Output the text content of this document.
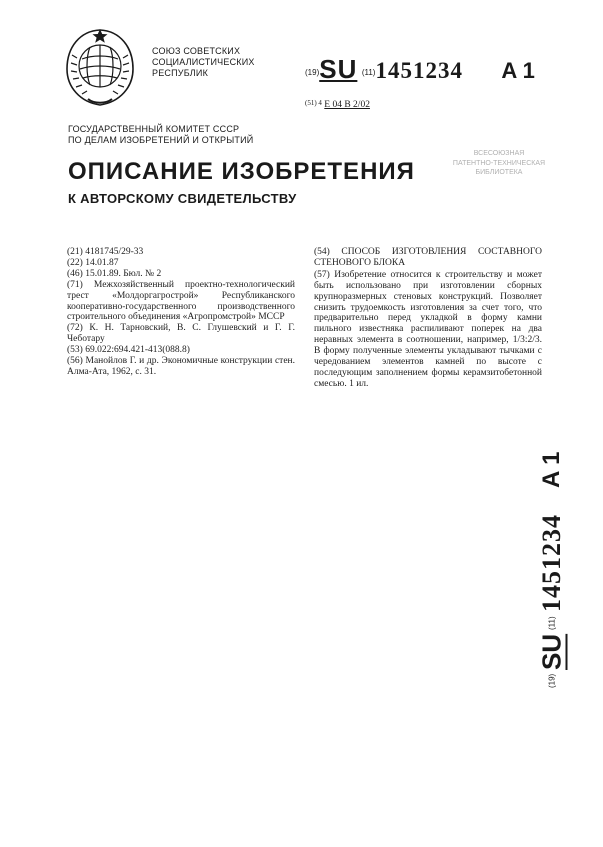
СОЮЗ СОВЕТСКИХ
СОЦИАЛИСТИЧЕСКИХ
РЕСПУБЛИК	(19)SU (11)1451234 A 1
$^{(51) 4}$ E 04 B 2/02
ГОСУДАРСТВЕННЫЙ КОМИТЕТ СССР
ПО ДЕЛАМ ИЗОБРЕТЕНИЙ И ОТКРЫТИЙ
ВСЕСОЮЗНАЯ
ПАТЕНТНО-ТЕХНИЧЕСКАЯ
БИБЛИОТЕКА
ОПИСАНИЕ ИЗОБРЕТЕНИЯ
К АВТОРСКОМУ СВИДЕТЕЛЬСТВУ

(21) 4181745/29-33

(22) 14.01.87

(46) 15.01.89. Бюл. № 2

(71) Межхозяйственный проектно-технологический трест «Молдоргагрострой» Республиканского кооперативно-государственного производственного строительного объединения «Агропромстрой» МССР

(72) К. Н. Тарновский, В. С. Глушевский и Г. Г. Чеботару

(53) 69.022:694.421-413(088.8)

(56) Манойлов Г. и др. Экономичные конструкции стен. Алма-Ата, 1962, с. 31.

(54) СПОСОБ ИЗГОТОВЛЕНИЯ СОСТАВНОГО СТЕНОВОГО БЛОКА

(57) Изобретение относится к строительству и может быть использовано при изготовлении сборных крупноразмерных стеновых конструкций. Позволяет снизить трудоемкость изготовления за счет того, что предварительно перед укладкой в форму камни пильного известняка распиливают поперек на два неравных элемента в соотношении, например, 1/3:2/3. В форму полученные элементы укладывают тычками с чередованием элементов камней по высоте с последующим заполнением формы керамзитобетонной смесью. 1 ил.

(19)
SU
(11)
1451234
A 1
